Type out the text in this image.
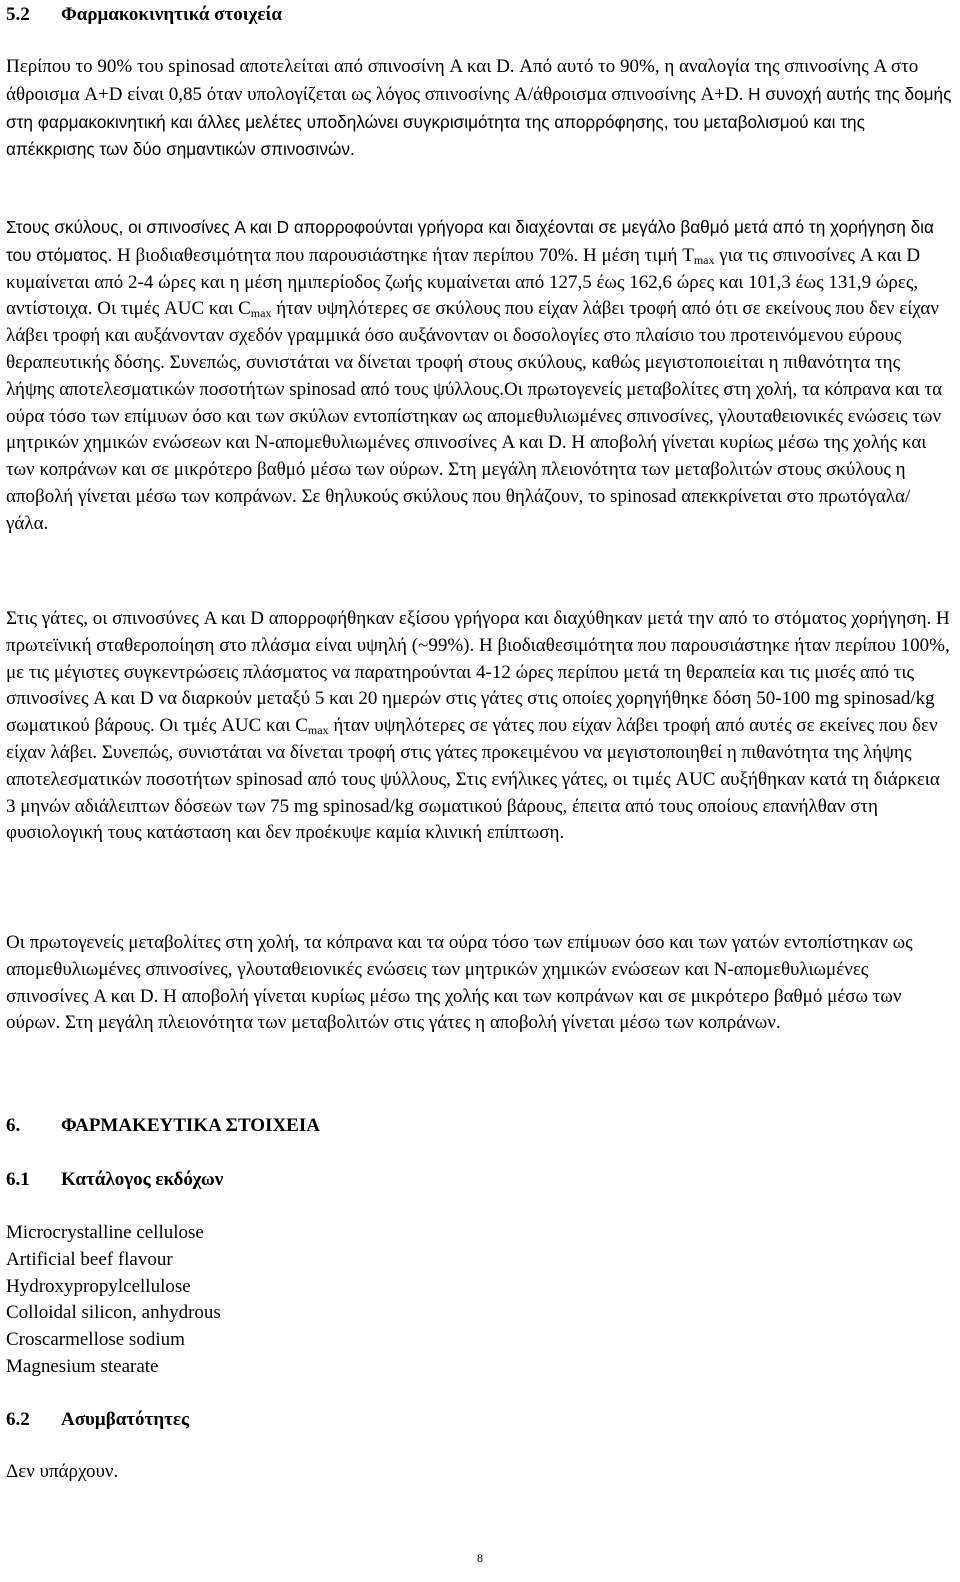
5.2	Φαρμακοκινητικά στοιχεία

Περίπου το 90% του spinosad αποτελείται από σπινοσίνη A και D. Από αυτό το 90%, η αναλογία της σπινοσίνης A στο άθροισμα A+D είναι 0,85 όταν υπολογίζεται ως λόγος σπινοσίνης A/άθροισμα σπινοσίνης A+D. Η συνοχή αυτής της δομής στη φαρμακοκινητική και άλλες μελέτες υποδηλώνει συγκρισιμότητα της απορρόφησης, του μεταβολισμού και της απέκκρισης των δύο σημαντικών σπινοσινών.

Στους σκύλους, οι σπινοσίνες A και D απορροφούνται γρήγορα και διαχέονται σε μεγάλο βαθμό μετά από τη χορήγηση δια του στόματος. Η βιοδιαθεσιμότητα που παρουσιάστηκε ήταν περίπου 70%. Η μέση τιμή $T_{max}$ για τις σπινοσίνες A και D κυμαίνεται από 2-4 ώρες και η μέση ημιπερίοδος ζωής κυμαίνεται από 127,5 έως 162,6 ώρες και 101,3 έως 131,9 ώρες, αντίστοιχα. Οι τιμές AUC και $C_{max}$ ήταν υψηλότερες σε σκύλους που είχαν λάβει τροφή από ότι σε εκείνους που δεν είχαν λάβει τροφή και αυξάνονταν σχεδόν γραμμικά όσο αυξάνονταν οι δοσολογίες στο πλαίσιο του προτεινόμενου εύρους θεραπευτικής δόσης. Συνεπώς, συνιστάται να δίνεται τροφή στους σκύλους, καθώς μεγιστοποιείται η πιθανότητα της λήψης αποτελεσματικών ποσοτήτων spinosad από τους ψύλλους.Οι πρωτογενείς μεταβολίτες στη χολή, τα κόπρανα και τα ούρα τόσο των επίμυων όσο και των σκύλων εντοπίστηκαν ως απομεθυλιωμένες σπινοσίνες, γλουταθειονικές ενώσεις των μητρικών χημικών ενώσεων και N-απομεθυλιωμένες σπινοσίνες A και D. Η αποβολή γίνεται κυρίως μέσω της χολής και των κοπράνων και σε μικρότερο βαθμό μέσω των ούρων. Στη μεγάλη πλειονότητα των μεταβολιτών στους σκύλους η αποβολή γίνεται μέσω των κοπράνων. Σε θηλυκούς σκύλους που θηλάζουν, το spinosad απεκκρίνεται στο πρωτόγαλα/γάλα.

Στις γάτες, οι σπινοσύνες A και D απορροφήθηκαν εξίσου γρήγορα και διαχύθηκαν μετά την από το στόματος χορήγηση. Η πρωτεϊνική σταθεροποίηση στο πλάσμα είναι υψηλή (~99%). Η βιοδιαθεσιμότητα που παρουσιάστηκε ήταν περίπου 100%, με τις μέγιστες συγκεντρώσεις πλάσματος να παρατηρούνται 4-12 ώρες περίπου μετά τη θεραπεία και τις μισές από τις σπινοσίνες A και D να διαρκούν μεταξύ 5 και 20 ημερών στις γάτες στις οποίες χορηγήθηκε δόση 50-100 mg spinosad/kg σωματικού βάρους. Οι τμές AUC και $C_{max}$ ήταν υψηλότερες σε γάτες που είχαν λάβει τροφή από αυτές σε εκείνες που δεν είχαν λάβει. Συνεπώς, συνιστάται να δίνεται τροφή στις γάτες προκειμένου να μεγιστοποιηθεί η πιθανότητα της λήψης αποτελεσματικών ποσοτήτων spinosad από τους ψύλλους, Στις ενήλικες γάτες, οι τιμές AUC αυξήθηκαν κατά τη διάρκεια 3 μηνών αδιάλειπτων δόσεων των 75 mg spinosad/kg σωματικού βάρους, έπειτα από τους οποίους επανήλθαν στη φυσιολογική τους κατάσταση και δεν προέκυψε καμία κλινική επίπτωση.

Οι πρωτογενείς μεταβολίτες στη χολή, τα κόπρανα και τα ούρα τόσο των επίμυων όσο και των γατών εντοπίστηκαν ως απομεθυλιωμένες σπινοσίνες, γλουταθειονικές ενώσεις των μητρικών χημικών ενώσεων και N-απομεθυλιωμένες σπινοσίνες A και D. Η αποβολή γίνεται κυρίως μέσω της χολής και των κοπράνων και σε μικρότερο βαθμό μέσω των ούρων. Στη μεγάλη πλειονότητα των μεταβολιτών στις γάτες η αποβολή γίνεται μέσω των κοπράνων.

6.	ΦΑΡΜΑΚΕΥΤΙΚΑ ΣΤΟΙΧΕΙΑ
6.1	Κατάλογος εκδόχων
Microcrystalline cellulose
Artificial beef flavour
Hydroxypropylcellulose
Colloidal silicon, anhydrous
Croscarmellose sodium
Magnesium stearate
6.2	Ασυμβατότητες

Δεν υπάρχουν.

8
